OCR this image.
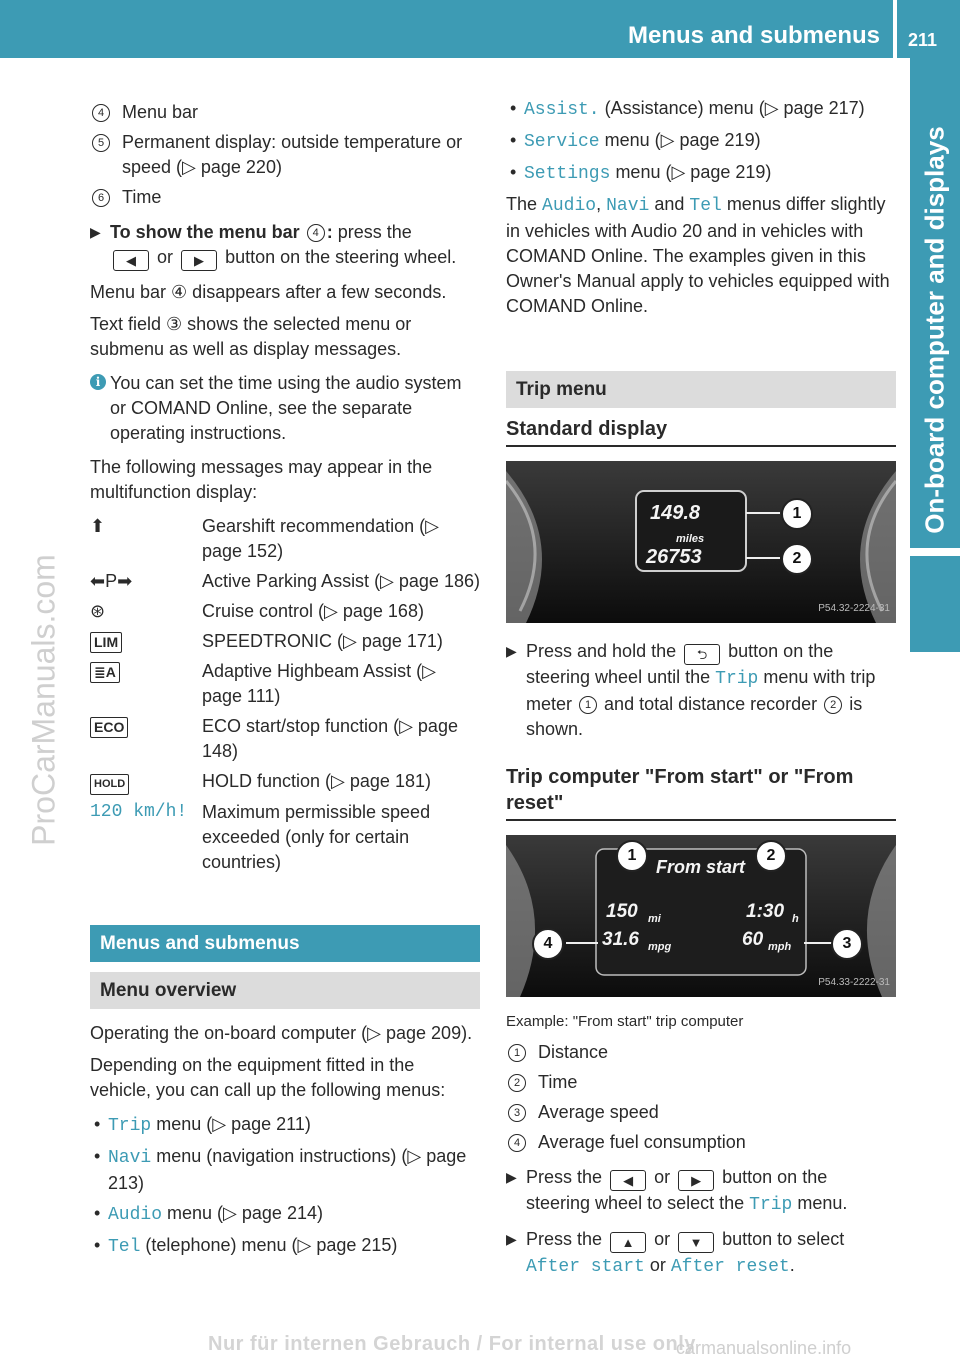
Menus and submenus 211
On-board computer and displays
ProCarManuals.com
Nur für internen Gebrauch / For internal use only
carmanualsonline.info
4 Menu bar
5 Permanent display: outside temperature or speed (▷ page 220)
6 Time
▶ To show the menu bar 4 : press the
◀ or ▶ button on the steering wheel.

Menu bar ④ disappears after a few seconds.

Text field ③ shows the selected menu or submenu as well as display messages.

i You can set the time using the audio system or COMAND Online, see the separate operating instructions.

The following messages may appear in the multifunction display:

⬆	Gearshift recommendation (▷ page 152)
⬅P➡	Active Parking Assist (▷ page 186)
⊛	Cruise control (▷ page 168)
LIM	SPEEDTRONIC (▷ page 171)
≣A	Adaptive Highbeam Assist (▷ page 111)
ECO	ECO start/stop function (▷ page 148)
HOLD	HOLD function (▷ page 181)
120 km/h! Maximum permissible speed exceeded (only for certain countries)
Menus and submenus
Menu overview

Operating the on-board computer (▷ page 209).

Depending on the equipment fitted in the vehicle, you can call up the following menus:

• Trip menu (▷ page 211)
• Navi menu (navigation instructions) (▷ page 213)
• Audio menu (▷ page 214)
• Tel (telephone) menu (▷ page 215)
• Assist. (Assistance) menu (▷ page 217)
• Service menu (▷ page 219)
• Settings menu (▷ page 219)

The Audio, Navi and Tel menus differ slightly in vehicles with Audio 20 and in vehicles with COMAND Online. The examples given in this Owner's Manual apply to vehicles equipped with COMAND Online.

Trip menu
Standard display
149.8
miles
26753
1
2
P54.32-2224-31
▶ Press and hold the ⮌ button on the steering wheel until the Trip menu with trip meter 1 and total distance recorder 2 is shown.
Trip computer "From start" or "From reset"
From start
150 mi	1:30 h
31.6 mpg	60 mph
1	2
3
4
P54.33-2222-31
Example: "From start" trip computer
1 Distance
2 Time
3 Average speed
4 Average fuel consumption
▶ Press the ◀ or ▶ button on the steering wheel to select the Trip menu.
▶ Press the ▲ or ▼ button to select After start or After reset.
